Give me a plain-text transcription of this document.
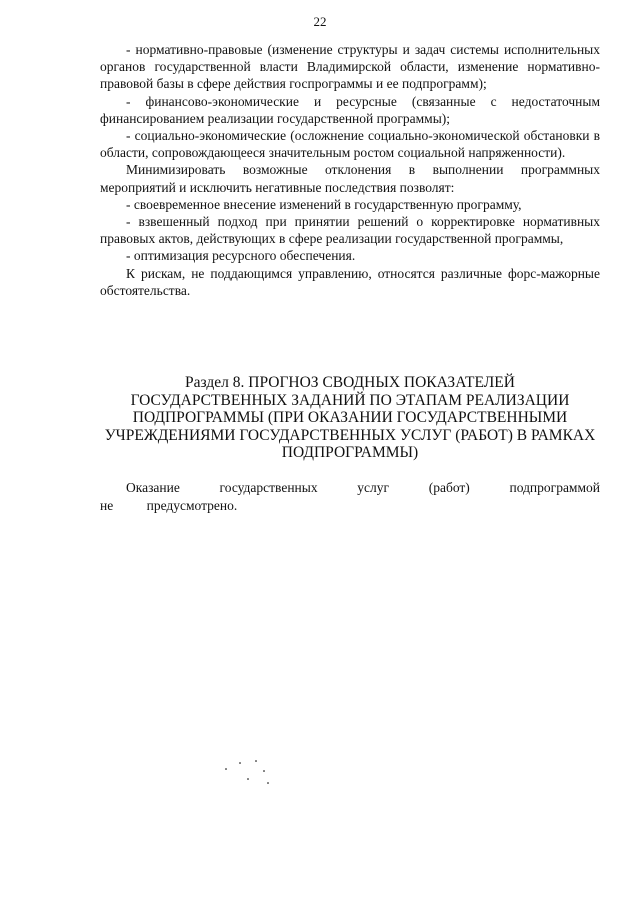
22

- нормативно-правовые (изменение структуры и задач системы исполнительных органов государственной власти Владимирской области, изменение нормативно-правовой базы в сфере действия госпрограммы и ее подпрограмм);

- финансово-экономические и ресурсные (связанные с недостаточным финансированием реализации государственной программы);

- социально-экономические (осложнение социально-экономической обстановки в области, сопровождающееся значительным ростом социальной напряженности).

Минимизировать возможные отклонения в выполнении программных мероприятий и исключить негативные последствия позволят:

- своевременное внесение изменений в государственную программу,

- взвешенный подход при принятии решений о корректировке нормативных правовых актов, действующих в сфере реализации государственной программы,

- оптимизация ресурсного обеспечения.

К рискам, не поддающимся управлению, относятся различные форс-мажорные обстоятельства.

Раздел 8. ПРОГНОЗ СВОДНЫХ ПОКАЗАТЕЛЕЙ
ГОСУДАРСТВЕННЫХ ЗАДАНИЙ ПО ЭТАПАМ РЕАЛИЗАЦИИ
ПОДПРОГРАММЫ (ПРИ ОКАЗАНИИ ГОСУДАРСТВЕННЫМИ
УЧРЕЖДЕНИЯМИ ГОСУДАРСТВЕННЫХ УСЛУГ (РАБОТ) В РАМКАХ
ПОДПРОГРАММЫ)

Оказание государственных услуг (работ) подпрограммой не предусмотрено.
